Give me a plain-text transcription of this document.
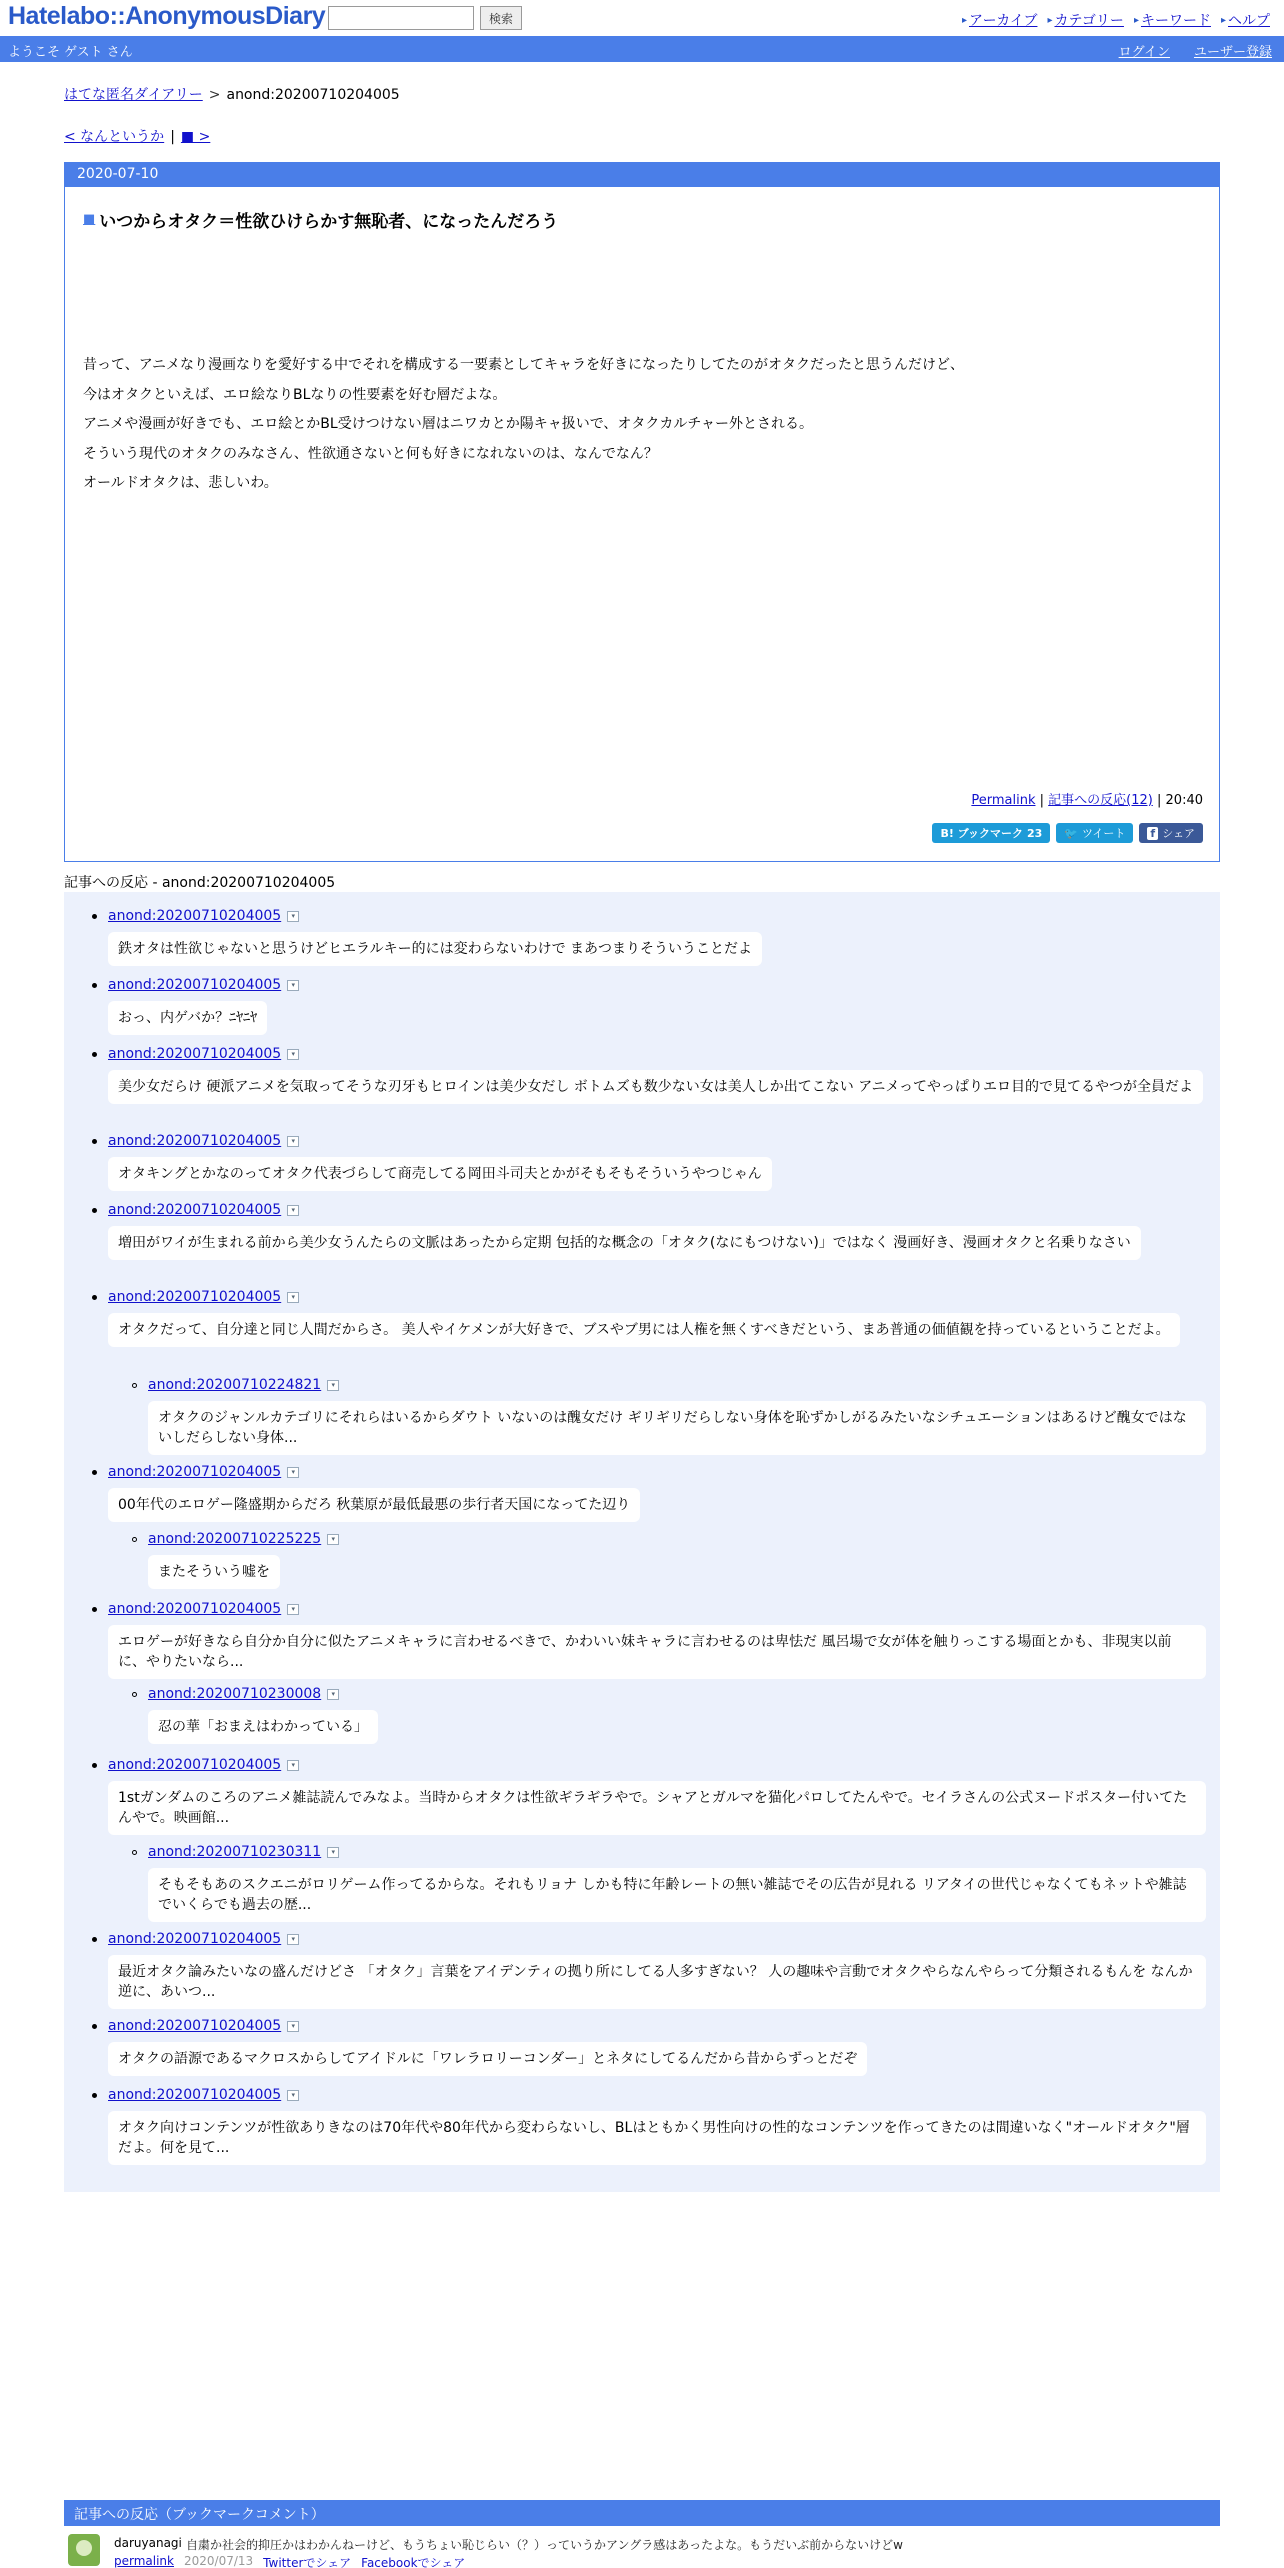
Hatelabo::AnonymousDiary	検索	▸ アーカイブ ▸ カテゴリー ▸ キーワード ▸ ヘルプ
ようこそ ゲスト さん	ログイン ユーザー登録
はてな匿名ダイアリー > anond:20200710204005
< なんというか | ■ >
2020-07-10
■ いつからオタク＝性欲ひけらかす無恥者、になったんだろう

昔って、アニメなり漫画なりを愛好する中でそれを構成する一要素としてキャラを好きになったりしてたのがオタクだったと思うんだけど、

今はオタクといえば、エロ絵なりBLなりの性要素を好む層だよな。

アニメや漫画が好きでも、エロ絵とかBL受けつけない層はニワカとか陽キャ扱いで、オタクカルチャー外とされる。

そういう現代のオタクのみなさん、性欲通さないと何も好きになれないのは、なんでなん？

オールドオタクは、悲しいわ。

Permalink | 記事への反応(12) | 20:40
B! ブックマーク 23 🐦 ツイート f シェア
記事への反応 - anond:20200710204005
anond:20200710204005	▾
鉄オタは性欲じゃないと思うけどヒエラルキー的には変わらないわけで まあつまりそういうことだよ
anond:20200710204005	▾
おっ、内ゲバか？ﾆﾔﾆﾔ
anond:20200710204005	▾
美少女だらけ 硬派アニメを気取ってそうな刃牙もヒロインは美少女だし ボトムズも数少ない女は美人しか出てこない アニメってやっぱりエロ目的で見てるやつが全員だよ
anond:20200710204005	▾
オタキングとかなのってオタク代表づらして商売してる岡田斗司夫とかがそもそもそういうやつじゃん
anond:20200710204005	▾
増田がワイが生まれる前から美少女うんたらの文脈はあったから定期 包括的な概念の「オタク(なにもつけない)」ではなく 漫画好き、漫画オタクと名乗りなさい
anond:20200710204005	▾
オタクだって、自分達と同じ人間だからさ。 美人やイケメンが大好きで、ブスやブ男には人権を無くすべきだという、まあ普通の価値観を持っているということだよ。
anond:20200710224821	▾
オタクのジャンルカテゴリにそれらはいるからダウト いないのは醜女だけ ギリギリだらしない身体を恥ずかしがるみたいなシチュエーションはあるけど醜女ではないしだらしない身体...
anond:20200710204005	▾
00年代のエロゲー隆盛期からだろ 秋葉原が最低最悪の歩行者天国になってた辺り
anond:20200710225225	▾
またそういう嘘を
anond:20200710204005	▾
エロゲーが好きなら自分か自分に似たアニメキャラに言わせるべきで、かわいい妹キャラに言わせるのは卑怯だ 風呂場で女が体を触りっこする場面とかも、非現実以前に、やりたいなら...
anond:20200710230008	▾
忍の華「おまえはわかっている」
anond:20200710204005	▾
1stガンダムのころのアニメ雑誌読んでみなよ。当時からオタクは性欲ギラギラやで。シャアとガルマを猫化パロしてたんやで。セイラさんの公式ヌードポスター付いてたんやで。映画館...
anond:20200710230311	▾
そもそもあのスクエニがロリゲーム作ってるからな。それもリョナ しかも特に年齢レートの無い雑誌でその広告が見れる リアタイの世代じゃなくてもネットや雑誌でいくらでも過去の歴...
anond:20200710204005	▾
最近オタク論みたいなの盛んだけどさ 「オタク」言葉をアイデンティの拠り所にしてる人多すぎない？ 人の趣味や言動でオタクやらなんやらって分類されるもんを なんか逆に、あいつ...
anond:20200710204005	▾
オタクの語源であるマクロスからしてアイドルに「ワレラロリーコンダー」とネタにしてるんだから昔からずっとだぞ
anond:20200710204005	▾
オタク向けコンテンツが性欲ありきなのは70年代や80年代から変わらないし、BLはともかく男性向けの性的なコンテンツを作ってきたのは間違いなく"オールドオタク"層だよ。何を見て...
記事への反応（ブックマークコメント）
daruyanagi 自粛か社会的抑圧かはわかんねーけど、もうちょい恥じらい（？）っていうかアングラ感はあったよな。もうだいぶ前からないけどw
permalink 2020/07/13 Twitterでシェア Facebookでシェア
